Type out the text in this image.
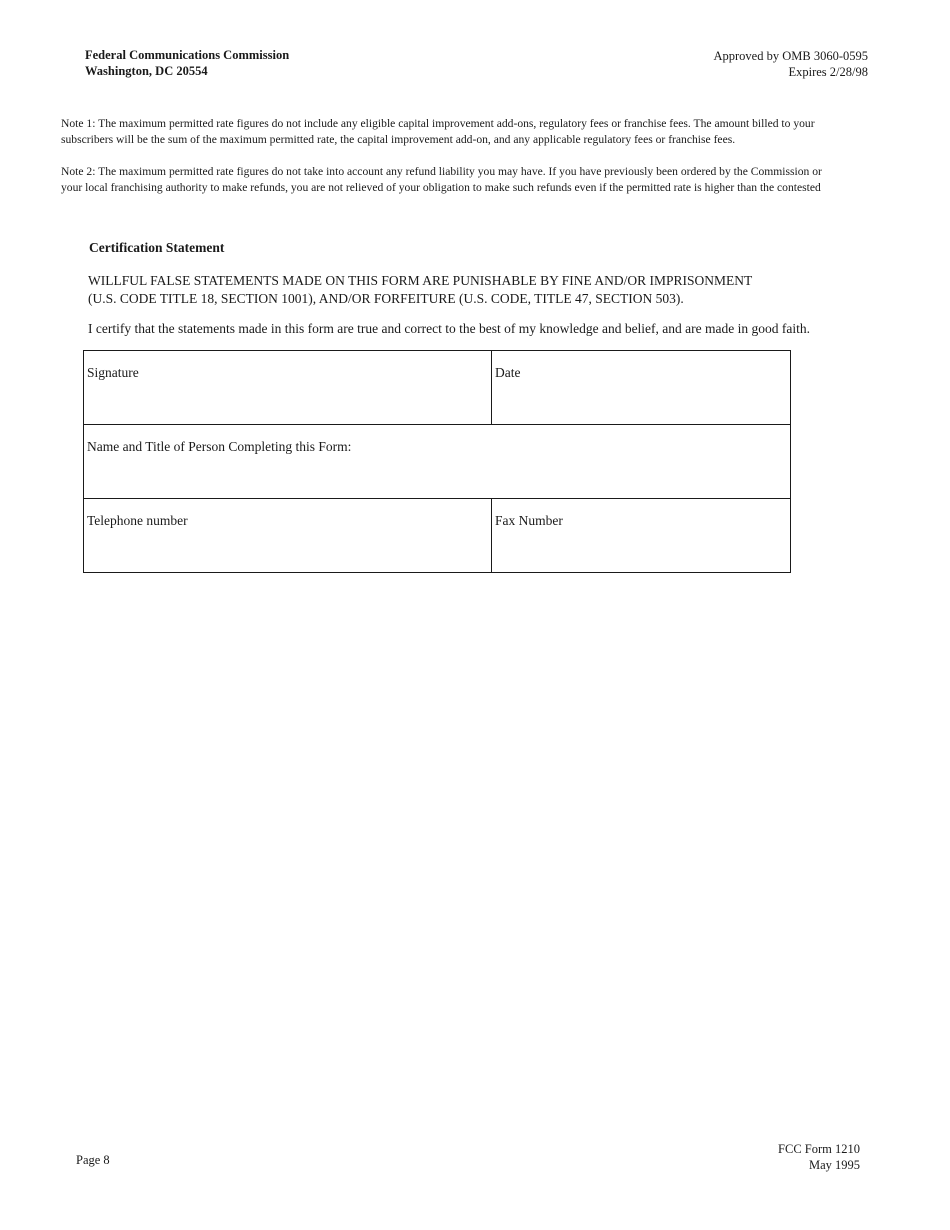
Federal Communications Commission
Washington, DC 20554
Approved by OMB 3060-0595
Expires 2/28/98
Note 1: The maximum permitted rate figures do not include any eligible capital improvement add-ons, regulatory fees or franchise fees. The amount billed to your
subscribers will be the sum of the maximum permitted rate, the capital improvement add-on, and any applicable regulatory fees or franchise fees.
Note 2: The maximum permitted rate figures do not take into account any refund liability you may have. If you have previously been ordered by the Commission or
your local franchising authority to make refunds, you are not relieved of your obligation to make such refunds even if the permitted rate is higher than the contested
Certification Statement
WILLFUL FALSE STATEMENTS MADE ON THIS FORM ARE PUNISHABLE BY FINE AND/OR IMPRISONMENT
(U.S. CODE TITLE 18, SECTION 1001), AND/OR FORFEITURE (U.S. CODE, TITLE 47, SECTION 503).
I certify that the statements made in this form are true and correct to the best of my knowledge and belief, and are made in good faith.
Signature	Date
Name and Title of Person Completing this Form:	
Telephone number	Fax Number
Page 8
FCC Form 1210
May 1995
